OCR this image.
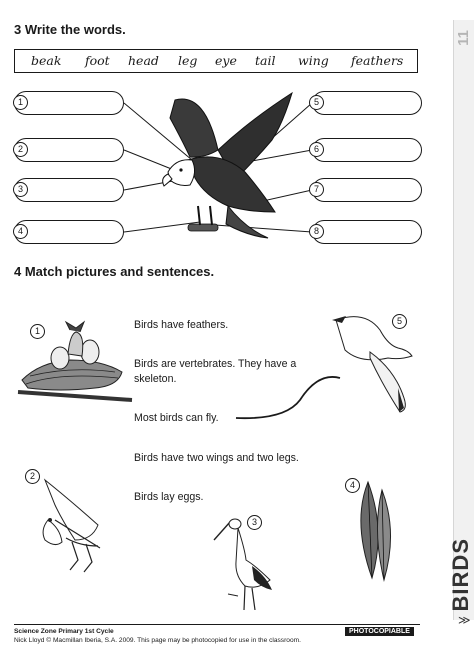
11
BIRDS
≫
3 Write the words.
beak foot head leg eye tail wing feathers
1
2
3
4
5
6
7
8
4 Match pictures and sentences.
Birds have feathers.
Birds are vertebrates. They have a
skeleton.
Most birds can fly.
Birds have two wings and two legs.
Birds lay eggs.
1
2
3
4
5
Science Zone Primary 1st Cycle
Nick Lloyd © Macmillan Iberia, S.A. 2009. This page may be photocopied for use in the classroom.
PHOTOCOPIABLE
